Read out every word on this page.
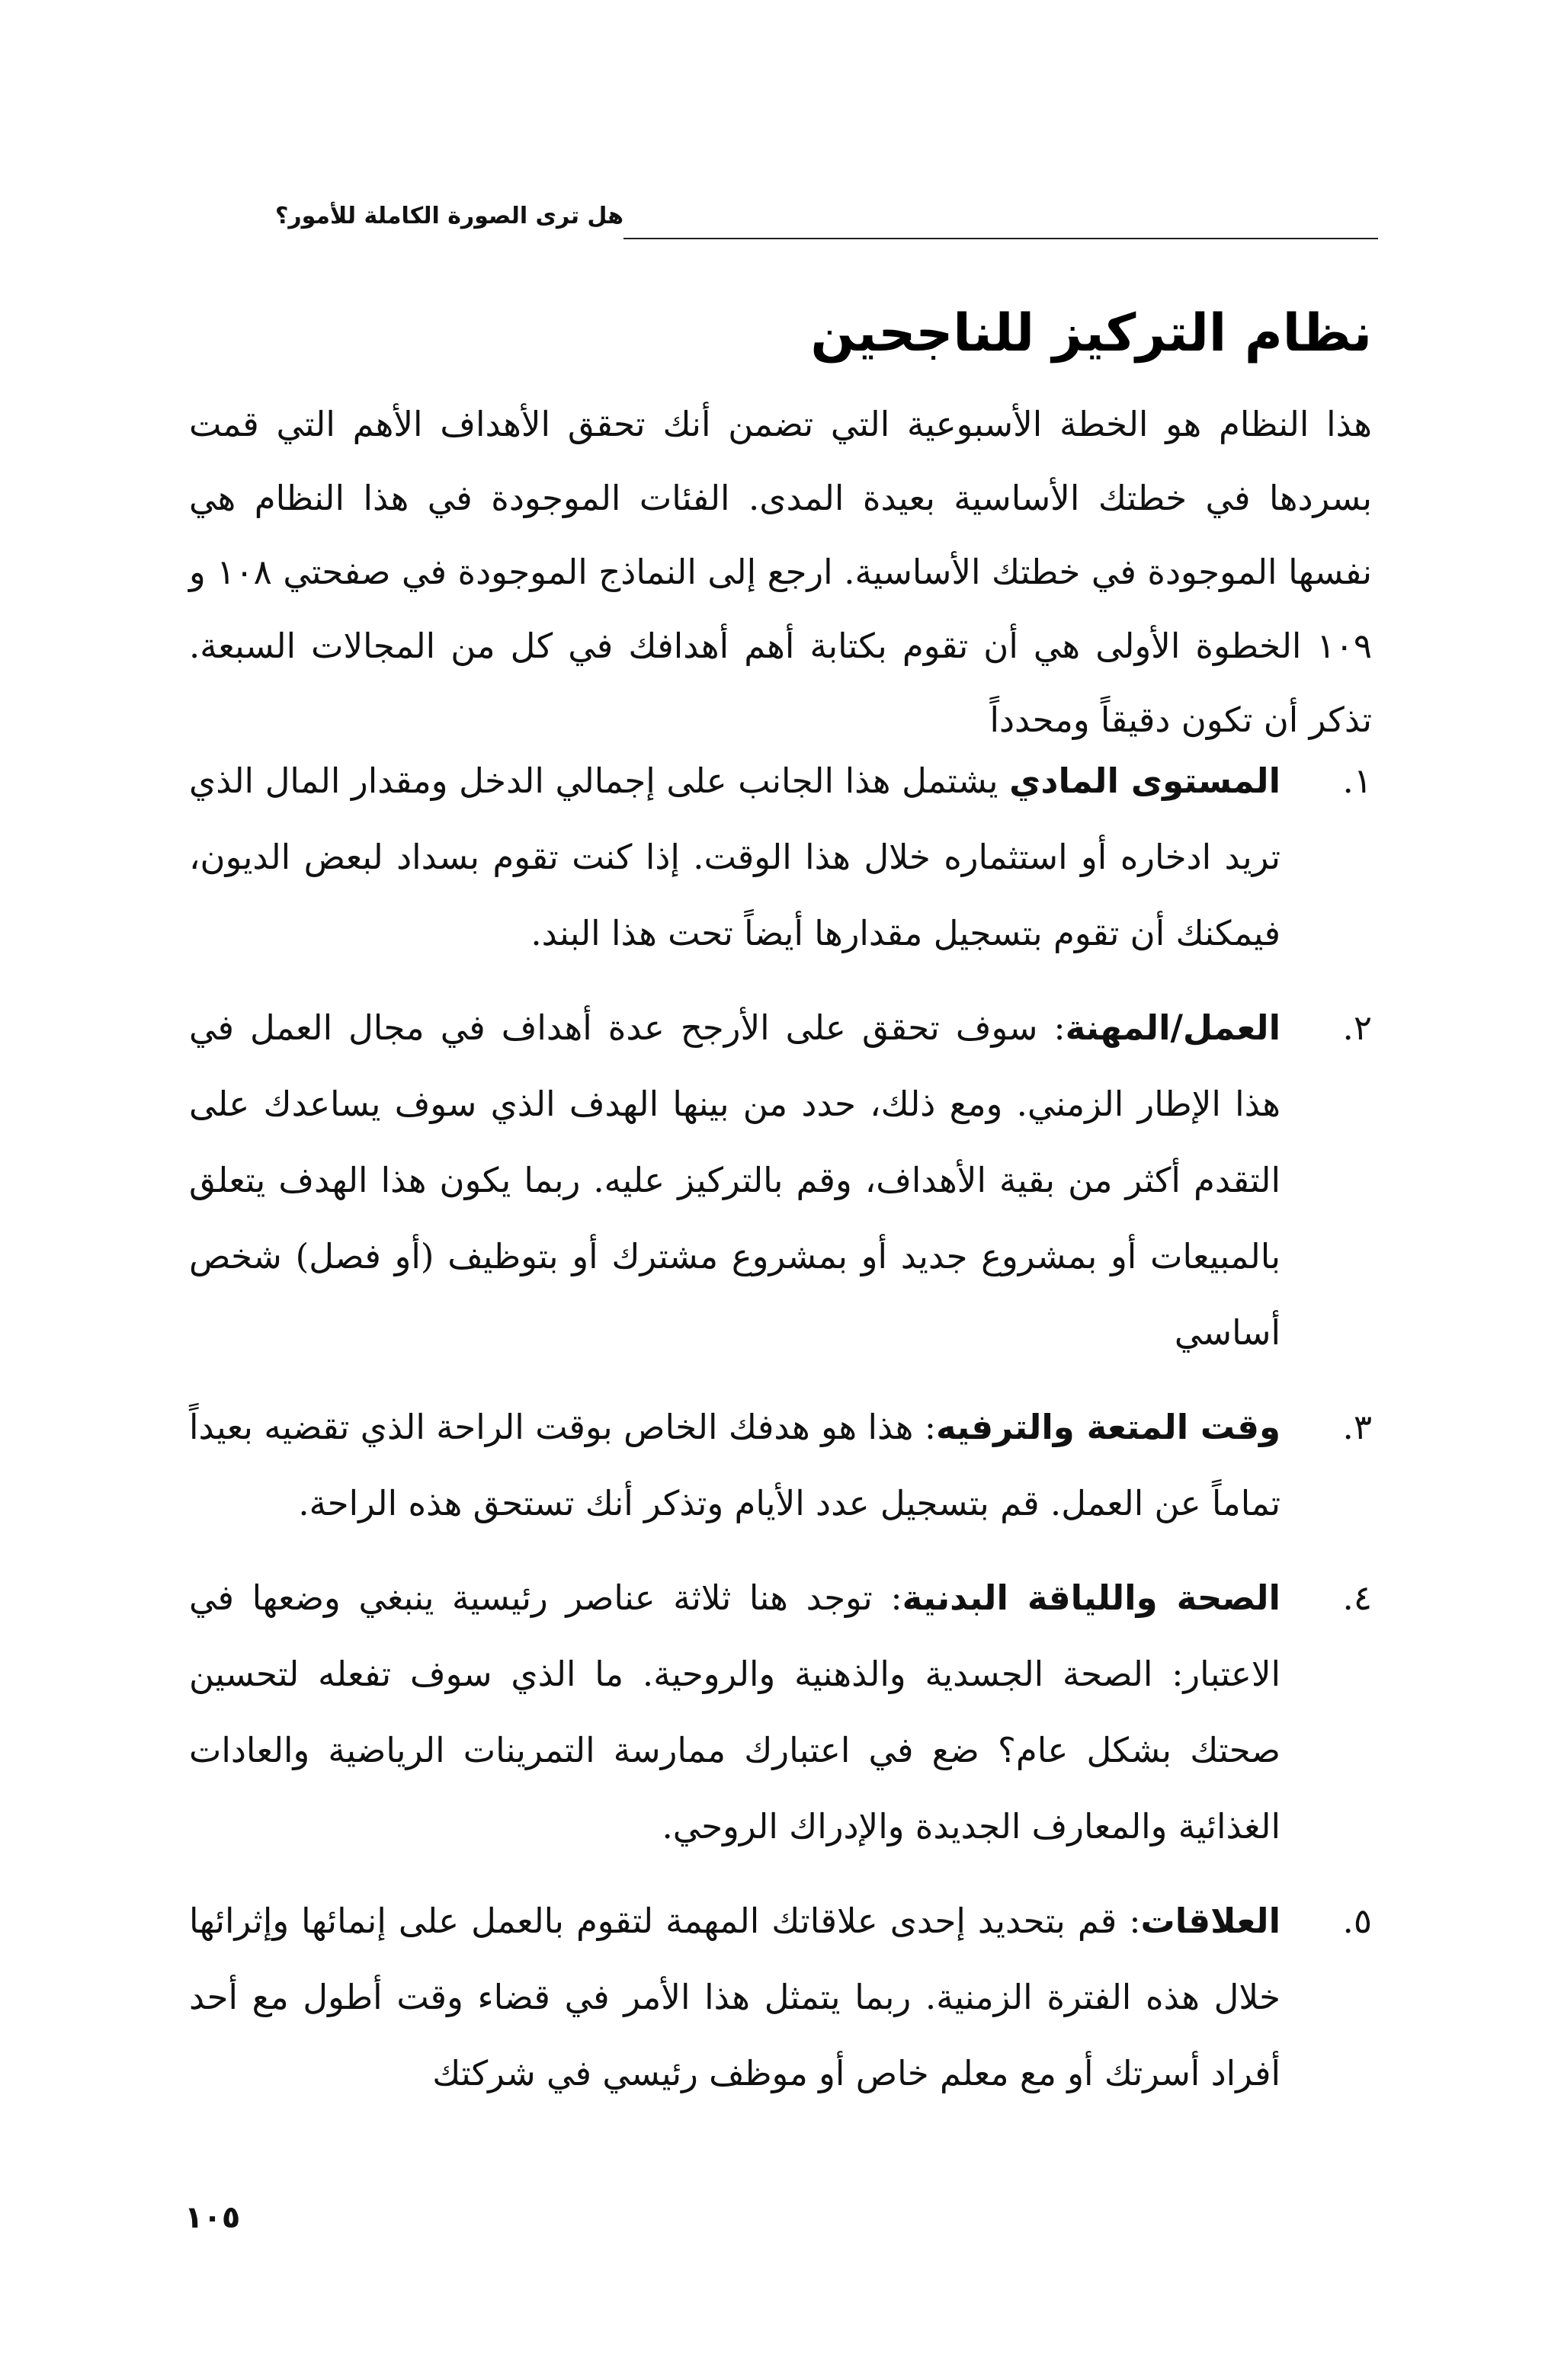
هل ترى الصورة الكاملة للأمور؟
نظام التركيز للناجحين

هذا النظام هو الخطة الأسبوعية التي تضمن أنك تحقق الأهداف الأهم التي قمت بسردها في خطتك الأساسية بعيدة المدى. الفئات الموجودة في هذا النظام هي نفسها الموجودة في خطتك الأساسية. ارجع إلى النماذج الموجودة في صفحتي ١٠٨ و ١٠٩ الخطوة الأولى هي أن تقوم بكتابة أهم أهدافك في كل من المجالات السبعة. تذكر أن تكون دقيقاً ومحدداً

١.
المستوى المادي يشتمل هذا الجانب على إجمالي الدخل ومقدار المال الذي تريد ادخاره أو استثماره خلال هذا الوقت. إذا كنت تقوم بسداد لبعض الديون، فيمكنك أن تقوم بتسجيل مقدارها أيضاً تحت هذا البند.
٢.
العمل/المهنة: سوف تحقق على الأرجح عدة أهداف في مجال العمل في هذا الإطار الزمني. ومع ذلك، حدد من بينها الهدف الذي سوف يساعدك على التقدم أكثر من بقية الأهداف، وقم بالتركيز عليه. ربما يكون هذا الهدف يتعلق بالمبيعات أو بمشروع جديد أو بمشروع مشترك أو بتوظيف (أو فصل) شخص أساسي
٣.
وقت المتعة والترفيه: هذا هو هدفك الخاص بوقت الراحة الذي تقضيه بعيداً تماماً عن العمل. قم بتسجيل عدد الأيام وتذكر أنك تستحق هذه الراحة.
٤.
الصحة واللياقة البدنية: توجد هنا ثلاثة عناصر رئيسية ينبغي وضعها في الاعتبار: الصحة الجسدية والذهنية والروحية. ما الذي سوف تفعله لتحسين صحتك بشكل عام؟ ضع في اعتبارك ممارسة التمرينات الرياضية والعادات الغذائية والمعارف الجديدة والإدراك الروحي.
٥.
العلاقات: قم بتحديد إحدى علاقاتك المهمة لتقوم بالعمل على إنمائها وإثرائها خلال هذه الفترة الزمنية. ربما يتمثل هذا الأمر في قضاء وقت أطول مع أحد أفراد أسرتك أو مع معلم خاص أو موظف رئيسي في شركتك
١٠٥
